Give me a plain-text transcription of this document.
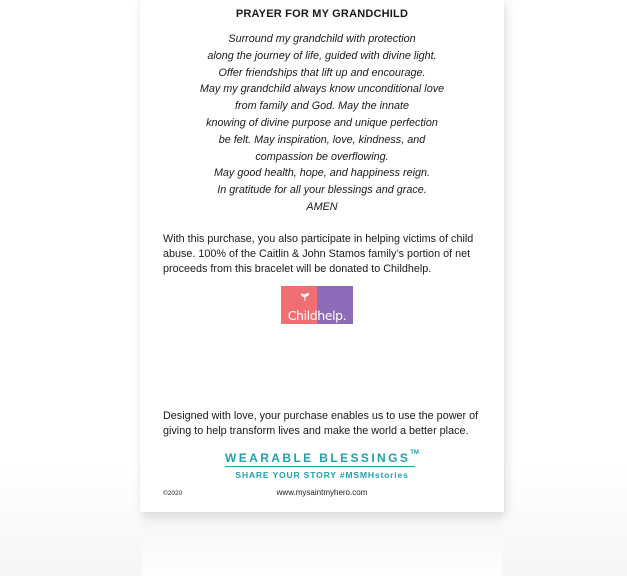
PRAYER FOR MY GRANDCHILD
Surround my grandchild with protection
along the journey of life, guided with divine light.
Offer friendships that lift up and encourage.
May my grandchild always know unconditional love
from family and God. May the innate
knowing of divine purpose and unique perfection
be felt. May inspiration, love, kindness, and
compassion be overflowing.
May good health, hope, and happiness reign.
In gratitude for all your blessings and grace.
AMEN
With this purchase, you also participate in helping victims of child
abuse. 100% of the Caitlin & John Stamos family’s portion of net
proceeds from this bracelet will be donated to Childhelp.
Childhelp.
Designed with love, your purchase enables us to use the power of
giving to help transform lives and make the world a better place.
WEARABLE BLESSINGS™
SHARE YOUR STORY #MSMHstories
©2020	www.mysaintmyhero.com
